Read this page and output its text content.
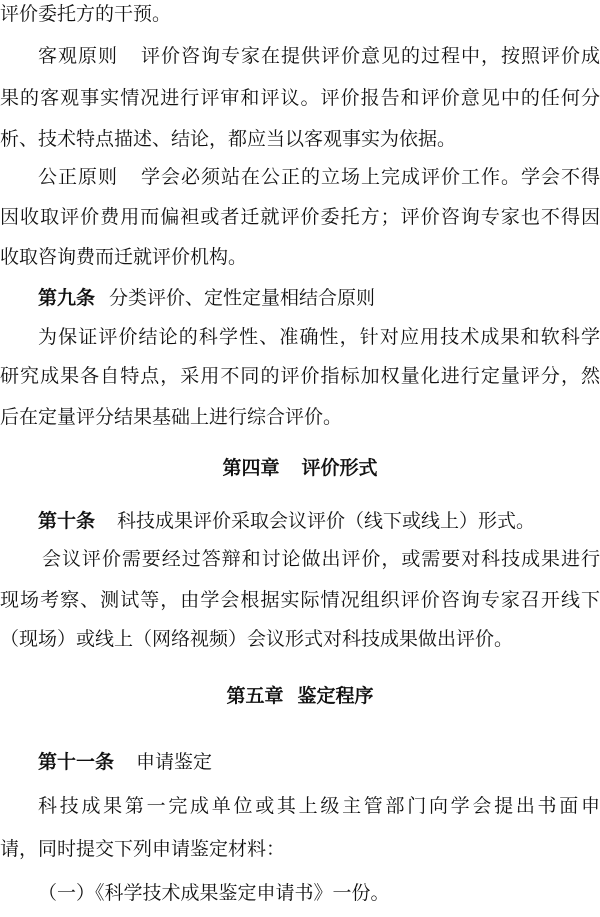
评价委托方的干预。
客观原则 评价咨询专家在提供评价意见的过程中，按照评价成
果的客观事实情况进行评审和评议。评价报告和评价意见中的任何分
析、技术特点描述、结论，都应当以客观事实为依据。
公正原则 学会必须站在公正的立场上完成评价工作。学会不得
因收取评价费用而偏袒或者迁就评价委托方；评价咨询专家也不得因
收取咨询费而迁就评价机构。
第九条 分类评价、定性定量相结合原则
为保证评价结论的科学性、准确性，针对应用技术成果和软科学
研究成果各自特点，采用不同的评价指标加权量化进行定量评分，然
后在定量评分结果基础上进行综合评价。
第四章 评价形式
第十条 科技成果评价采取会议评价（线下或线上）形式。
会议评价需要经过答辩和讨论做出评价，或需要对科技成果进行
现场考察、测试等，由学会根据实际情况组织评价咨询专家召开线下
（现场）或线上（网络视频）会议形式对科技成果做出评价。
第五章 鉴定程序
第十一条 申请鉴定
科技成果第一完成单位或其上级主管部门向学会提出书面申
请，同时提交下列申请鉴定材料：
（一）《科学技术成果鉴定申请书》一份。
